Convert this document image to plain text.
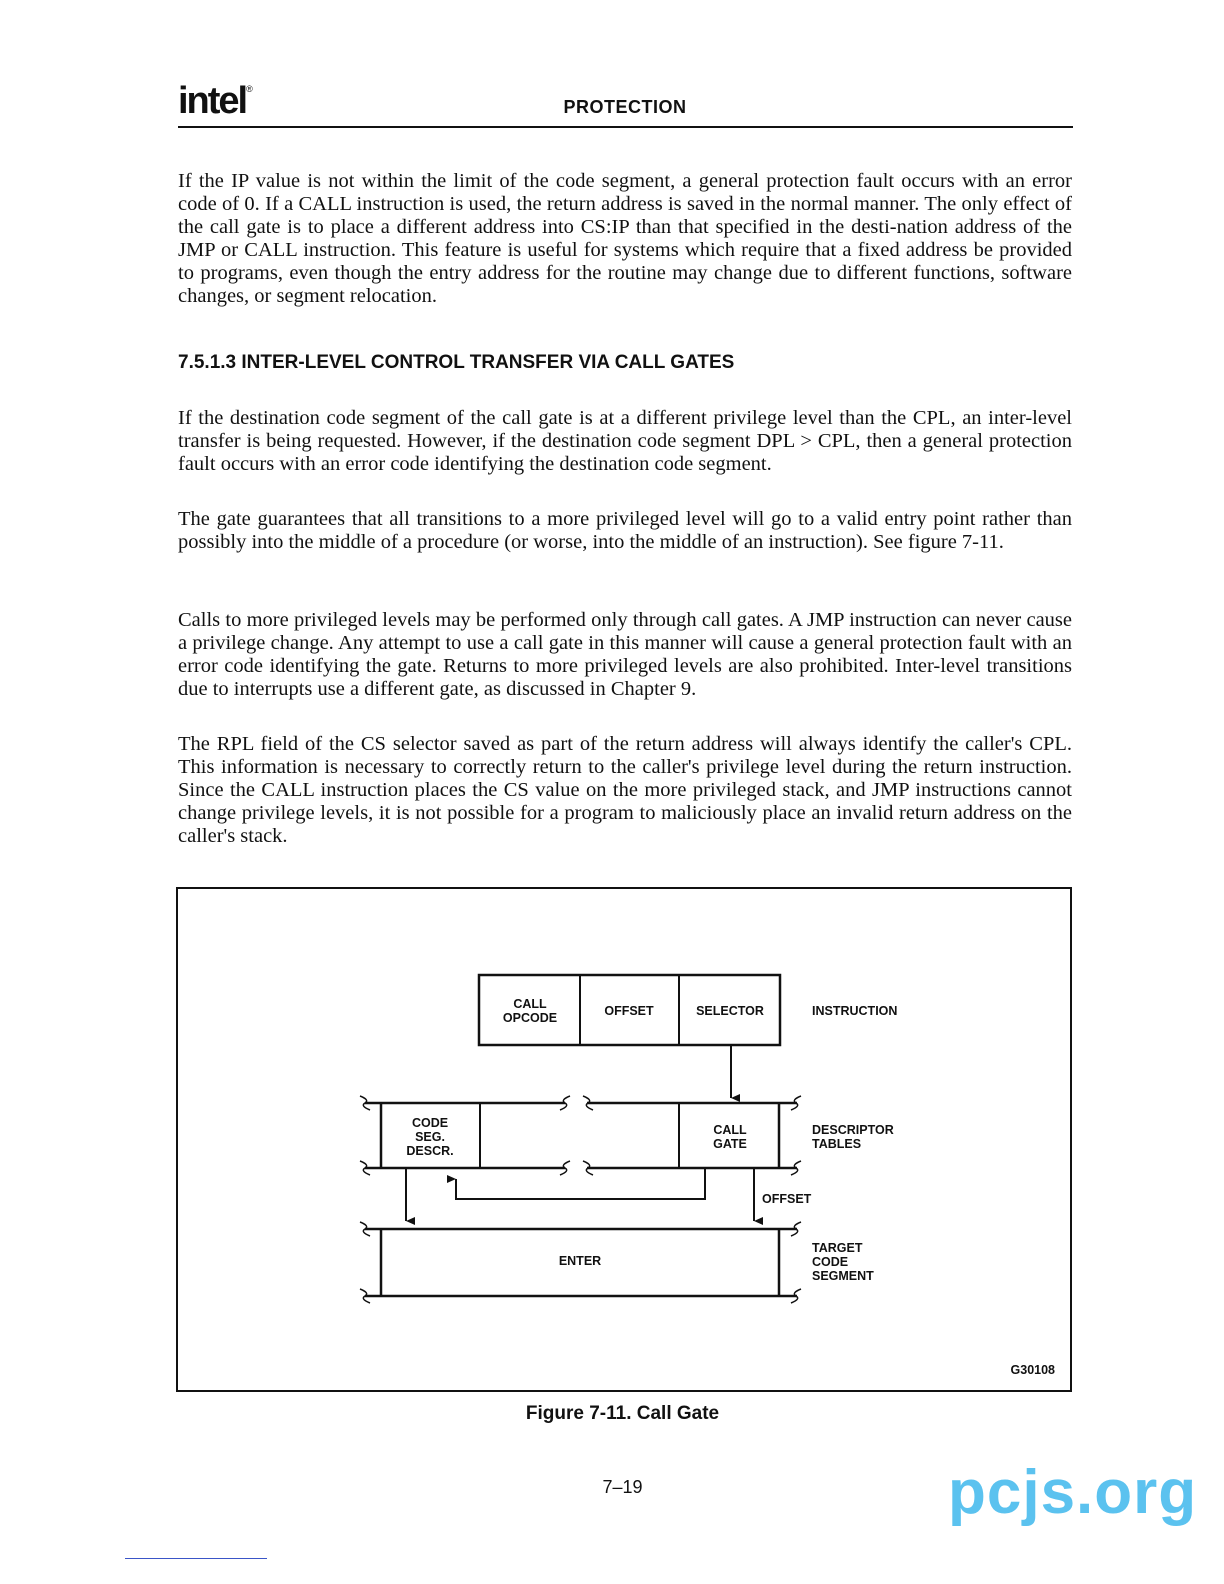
intel®
PROTECTION

If the IP value is not within the limit of the code segment, a general protection fault occurs with an error code of 0. If a CALL instruction is used, the return address is saved in the normal manner. The only effect of the call gate is to place a different address into CS:IP than that specified in the desti-nation address of the JMP or CALL instruction. This feature is useful for systems which require that a fixed address be provided to programs, even though the entry address for the routine may change due to different functions, software changes, or segment relocation.

7.5.1.3 INTER-LEVEL CONTROL TRANSFER VIA CALL GATES

If the destination code segment of the call gate is at a different privilege level than the CPL, an inter-level transfer is being requested. However, if the destination code segment DPL > CPL, then a general protection fault occurs with an error code identifying the destination code segment.

The gate guarantees that all transitions to a more privileged level will go to a valid entry point rather than possibly into the middle of a procedure (or worse, into the middle of an instruction). See figure 7-11.

Calls to more privileged levels may be performed only through call gates. A JMP instruction can never cause a privilege change. Any attempt to use a call gate in this manner will cause a general protection fault with an error code identifying the gate. Returns to more privileged levels are also prohibited. Inter-level transitions due to interrupts use a different gate, as discussed in Chapter 9.

The RPL field of the CS selector saved as part of the return address will always identify the caller's CPL. This information is necessary to correctly return to the caller's privilege level during the return instruction. Since the CALL instruction places the CS value on the more privileged stack, and JMP instructions cannot change privilege levels, it is not possible for a program to maliciously place an invalid return address on the caller's stack.

CALL
OPCODE	OFFSET	SELECTOR	INSTRUCTION
CODE
SEG.
DESCR.
CALL
GATE
DESCRIPTOR
TABLES
OFFSET
ENTER
TARGET
CODE
SEGMENT
G30108
Figure 7-11. Call Gate
7–19	pcjs.org
